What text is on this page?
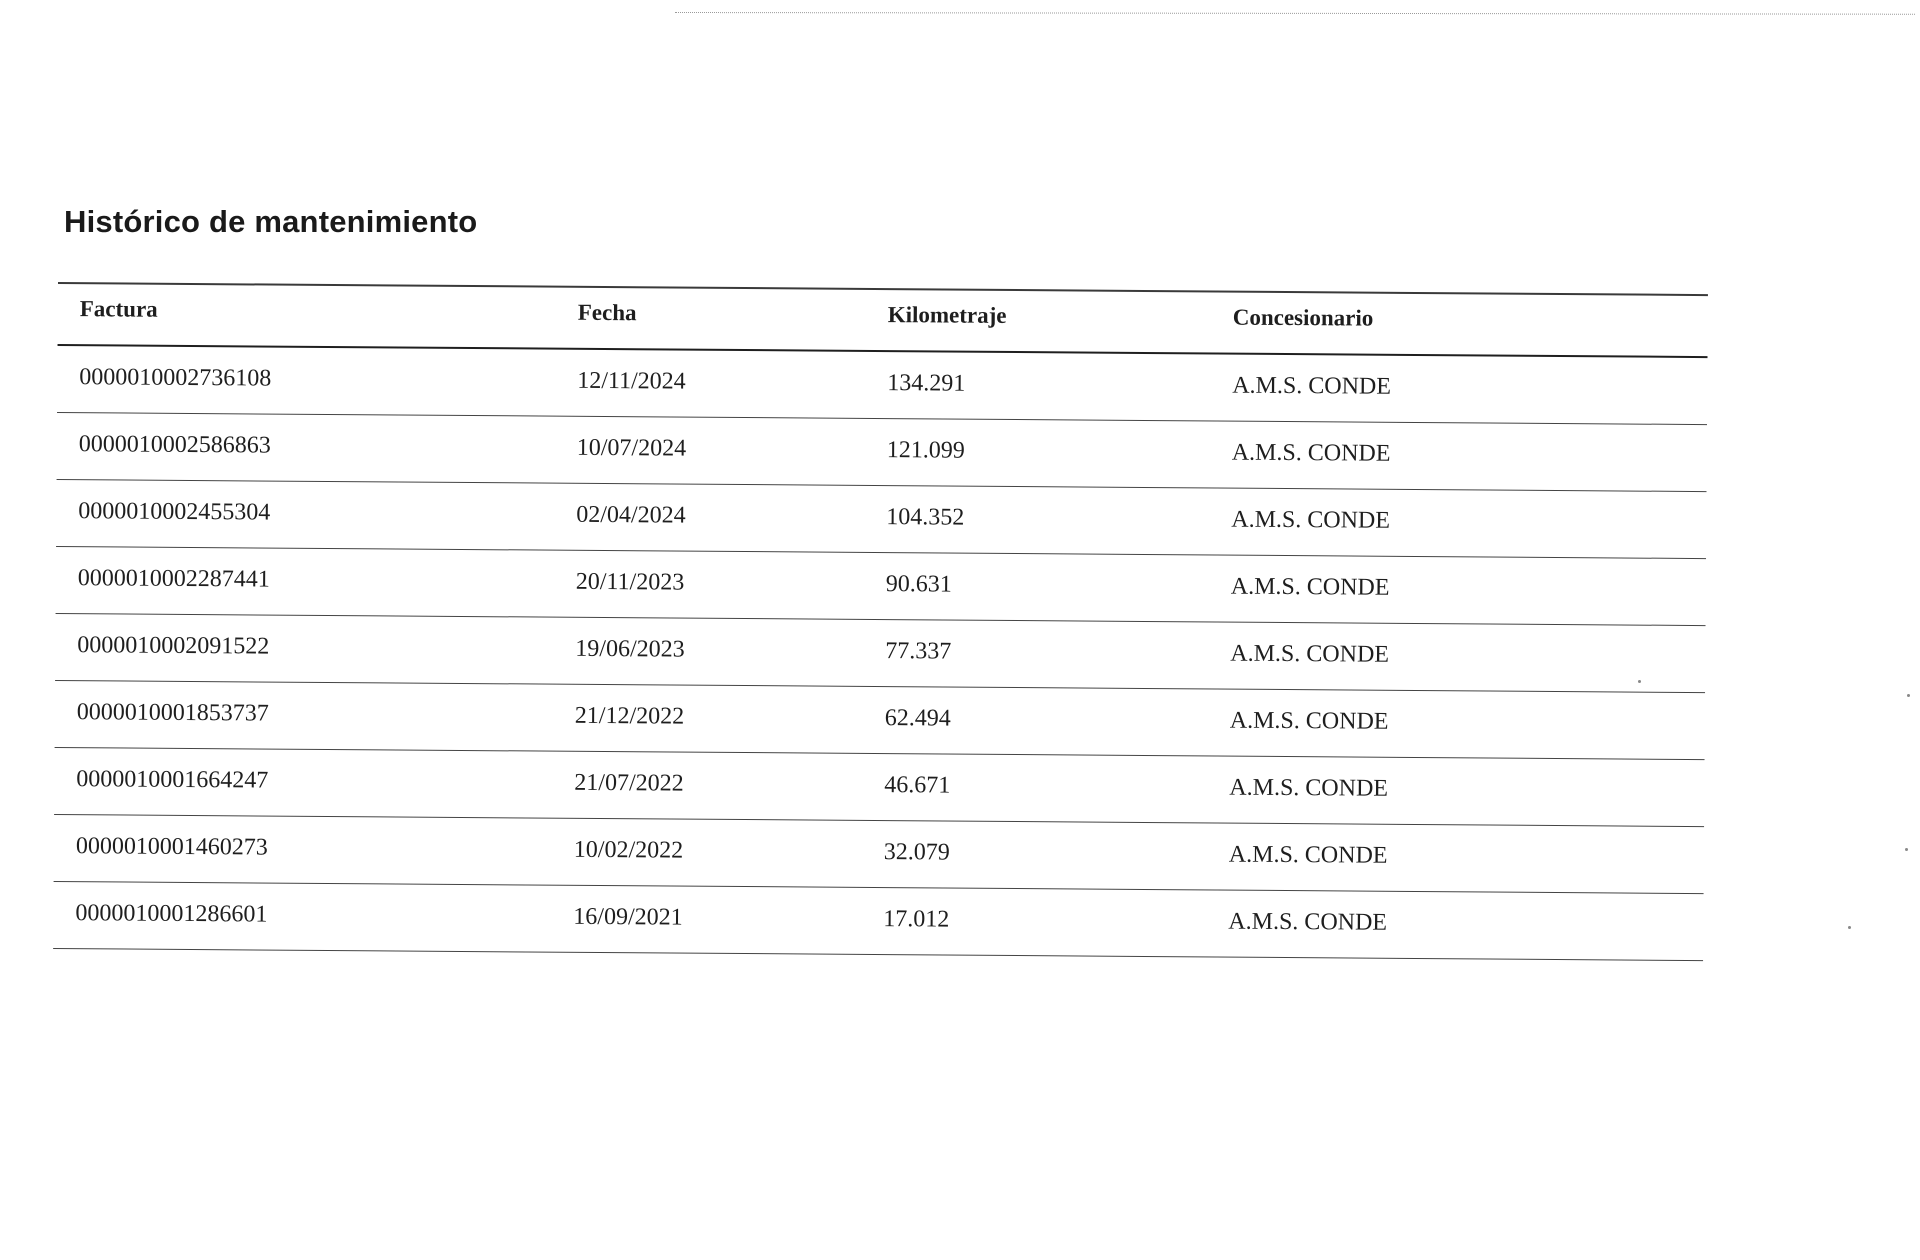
Histórico de mantenimiento
Factura	Fecha	Kilometraje	Concesionario
0000010002736108	12/11/2024	134.291	A.M.S. CONDE
0000010002586863	10/07/2024	121.099	A.M.S. CONDE
0000010002455304	02/04/2024	104.352	A.M.S. CONDE
0000010002287441	20/11/2023	90.631	A.M.S. CONDE
0000010002091522	19/06/2023	77.337	A.M.S. CONDE
0000010001853737	21/12/2022	62.494	A.M.S. CONDE
0000010001664247	21/07/2022	46.671	A.M.S. CONDE
0000010001460273	10/02/2022	32.079	A.M.S. CONDE
0000010001286601	16/09/2021	17.012	A.M.S. CONDE
